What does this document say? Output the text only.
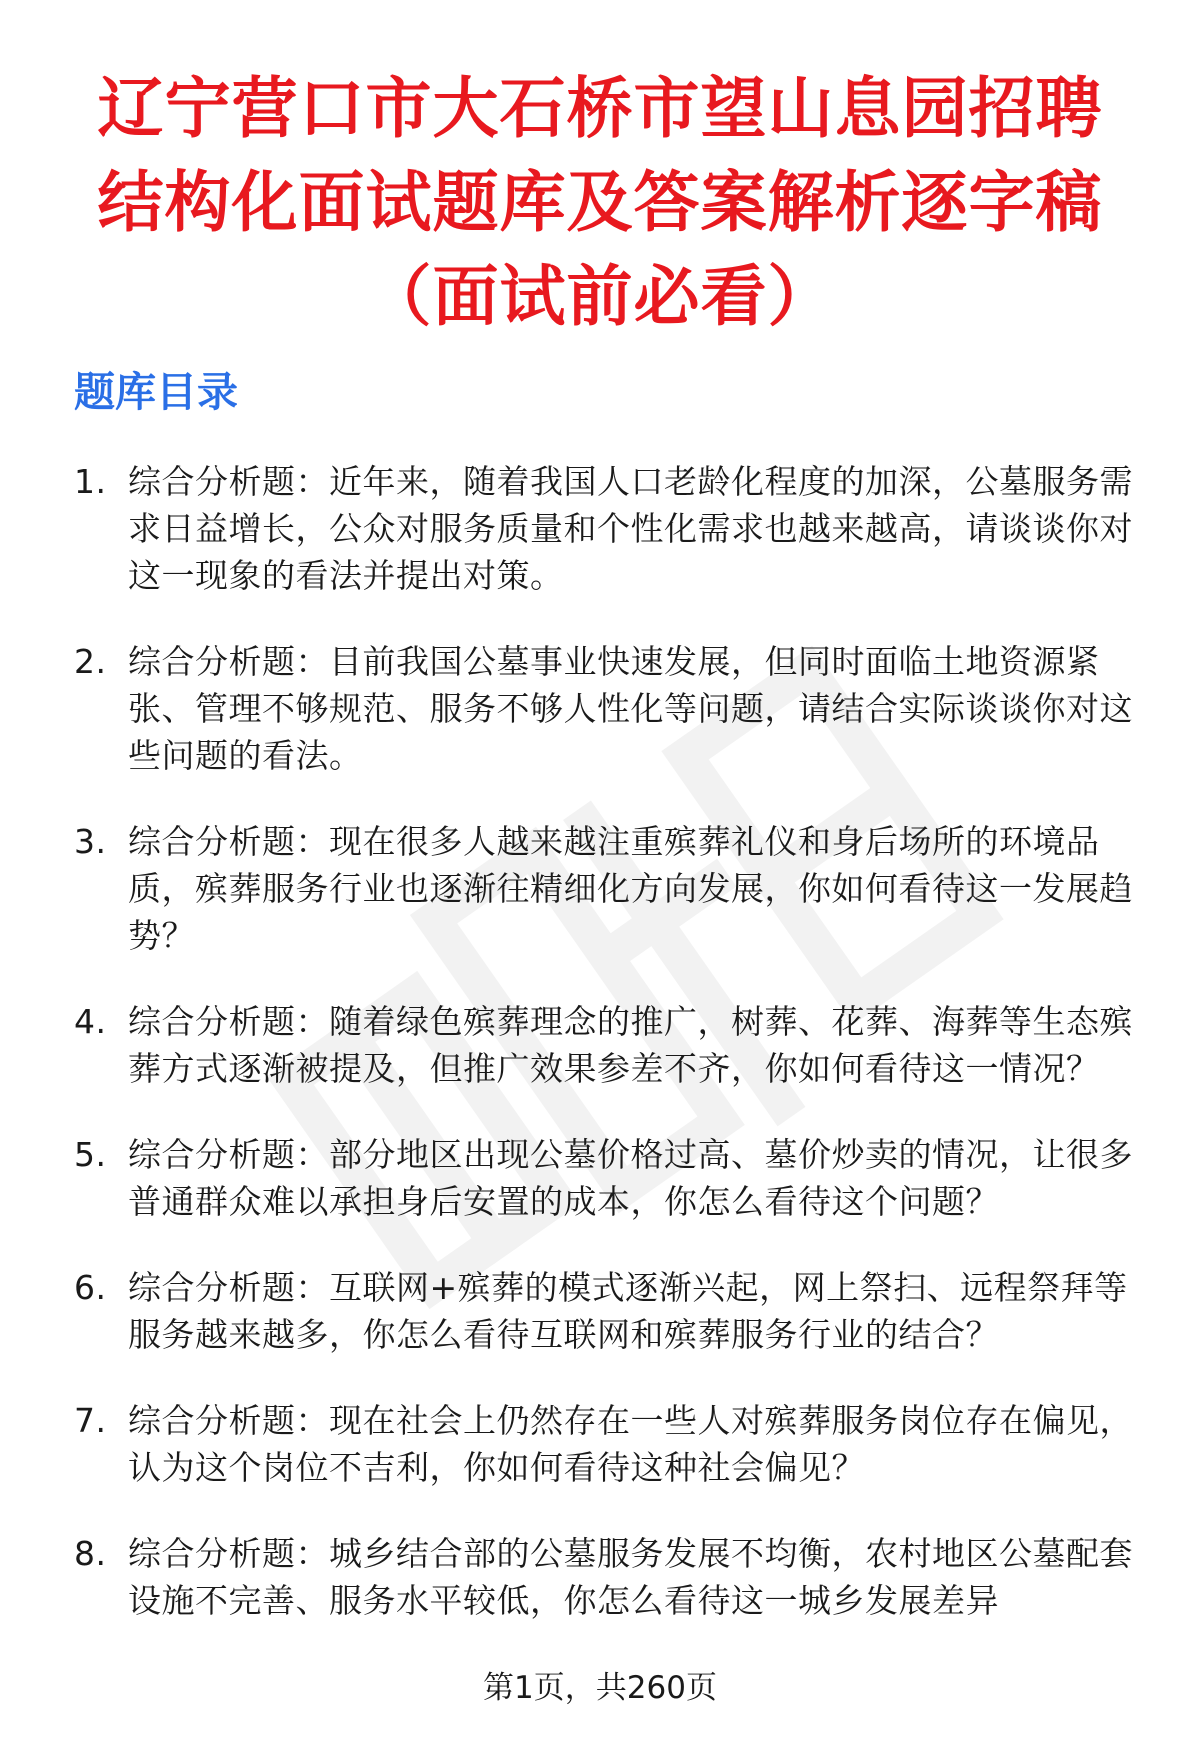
辽宁营口市大石桥市望山息园招聘
结构化面试题库及答案解析逐字稿
（面试前必看）
题库目录
1. 综合分析题：近年来，随着我国人口老龄化程度的加深，公墓服务需求日益增长，公众对服务质量和个性化需求也越来越高，请谈谈你对这一现象的看法并提出对策。
2. 综合分析题：目前我国公墓事业快速发展，但同时面临土地资源紧张、管理不够规范、服务不够人性化等问题，请结合实际谈谈你对这些问题的看法。
3. 综合分析题：现在很多人越来越注重殡葬礼仪和身后场所的环境品质，殡葬服务行业也逐渐往精细化方向发展，你如何看待这一发展趋势？
4. 综合分析题：随着绿色殡葬理念的推广，树葬、花葬、海葬等生态殡葬方式逐渐被提及，但推广效果参差不齐，你如何看待这一情况？
5. 综合分析题：部分地区出现公墓价格过高、墓价炒卖的情况，让很多普通群众难以承担身后安置的成本，你怎么看待这个问题？
6. 综合分析题：互联网+殡葬的模式逐渐兴起，网上祭扫、远程祭拜等服务越来越多，你怎么看待互联网和殡葬服务行业的结合？
7. 综合分析题：现在社会上仍然存在一些人对殡葬服务岗位存在偏见，认为这个岗位不吉利，你如何看待这种社会偏见？
8. 综合分析题：城乡结合部的公墓服务发展不均衡，农村地区公墓配套设施不完善、服务水平较低，你怎么看待这一城乡发展差异
第1页，共260页
